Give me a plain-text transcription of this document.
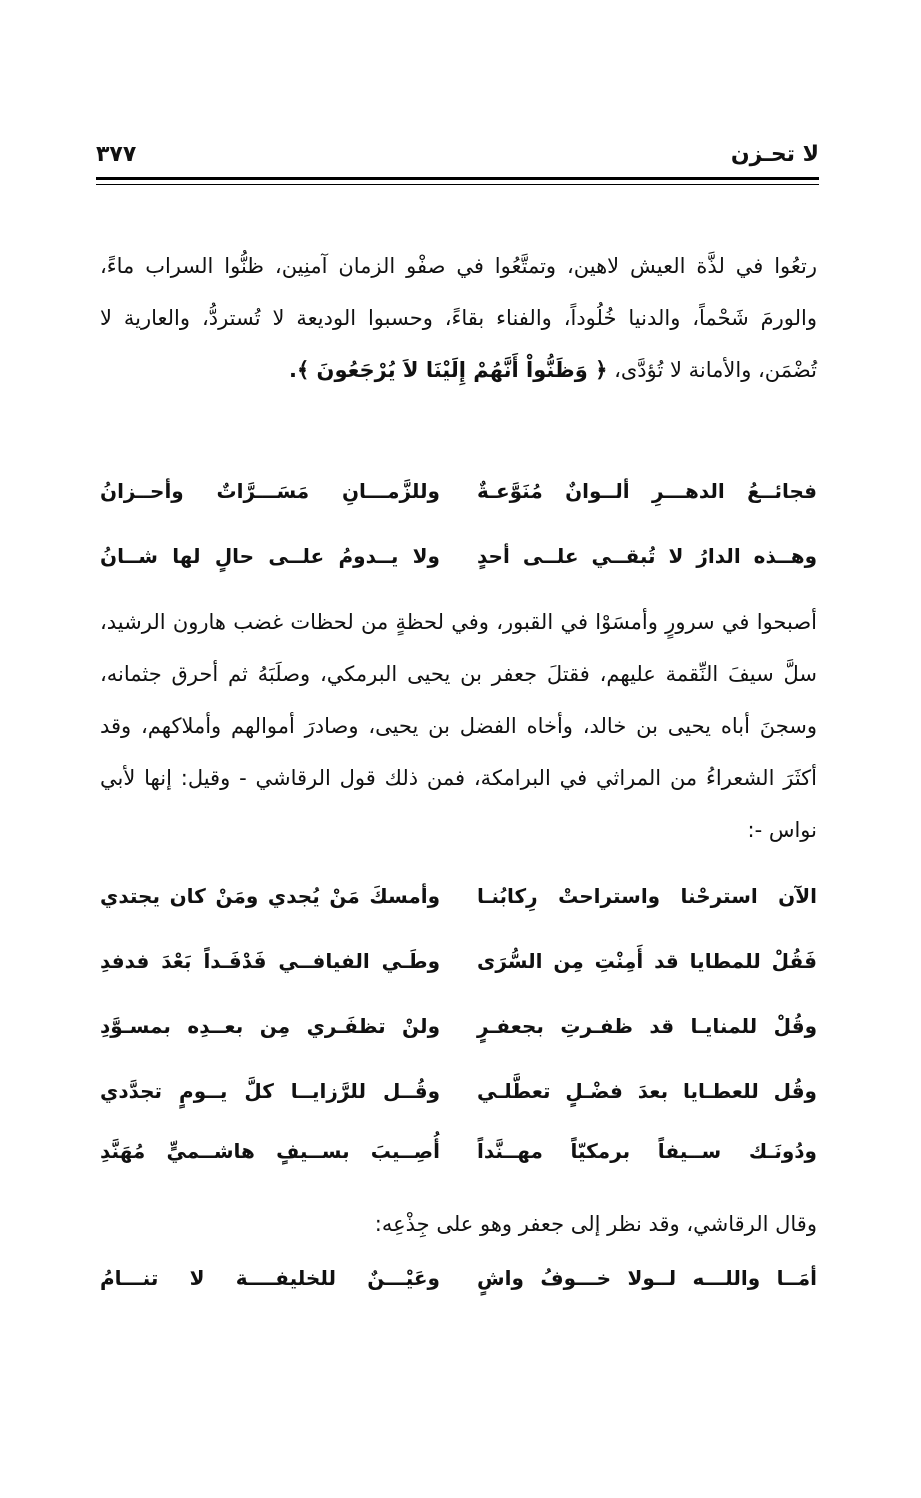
لا تحـزن
٣٧٧
رتعُوا في لذَّة العيش لاهين، وتمتَّعُوا في صفْو الزمان آمنِين، ظنُّوا السراب ماءً، والورمَ شَحْماً، والدنيا خُلُوداً، والفناء بقاءً، وحسبوا الوديعة لا تُستردُّ، والعارية لا تُضْمَن، والأمانة لا تُؤدَّى، ﴿ وَظَنُّواْ أَنَّهُمْ إِلَيْنَا لاَ يُرْجَعُونَ ﴾.
فجائــعُ الدهـــرِ ألــوانٌ مُنَوَّعـةٌ
وللزَّمـــانِ مَسَـــرَّاتٌ وأحــزانُ
وهــذه الدارُ لا تُبقــي علــى أحدٍ
ولا يــدومُ علــى حالٍ لها شــانُ
أصبحوا في سرورٍ وأمسَوْا في القبور، وفي لحظةٍ من لحظات غضب هارون الرشيد، سلَّ سيفَ النِّقمة عليهم، فقتلَ جعفر بن يحيى البرمكي، وصلَبَهُ ثم أحرق جثمانه، وسجنَ أباه يحيى بن خالد، وأخاه الفضل بن يحيى، وصادرَ أموالهم وأملاكهم، وقد أكثَرَ الشعراءُ من المراثي في البرامكة، فمن ذلك قول الرقاشي - وقيل: إنها لأبي نواس -:
الآن استرحْنا واستراحتْ رِكابُنـا
وأمسكَ مَنْ يُجدي ومَنْ كان يجتدي
فَقُلْ للمطايا قد أَمِنْتِ مِن السُّرَى
وطَـي الفيافــي فَدْفَـداً بَعْدَ فدفدِ
وقُلْ للمنايـا قد ظفـرتِ بجعفـرٍ
ولنْ تظفَـري مِن بعــدِه بمسـوَّدِ
وقُل للعطـايا بعدَ فضْـلٍ تعطَّلـي
وقُــل للرَّزايــا كلَّ يــومٍ تجدَّدي
ودُونَـك ســيفاً برمكيّاً مهــنَّداً
أُصِــيبَ بســيفٍ هاشــميٍّ مُهَنَّدِ
وقال الرقاشي، وقد نظر إلى جعفر وهو على جِذْعِه:
أمَــا واللـــه لــولا خـــوفُ واشٍ
وعَيْـــنٌ للخليفــــة لا تنـــامُ
